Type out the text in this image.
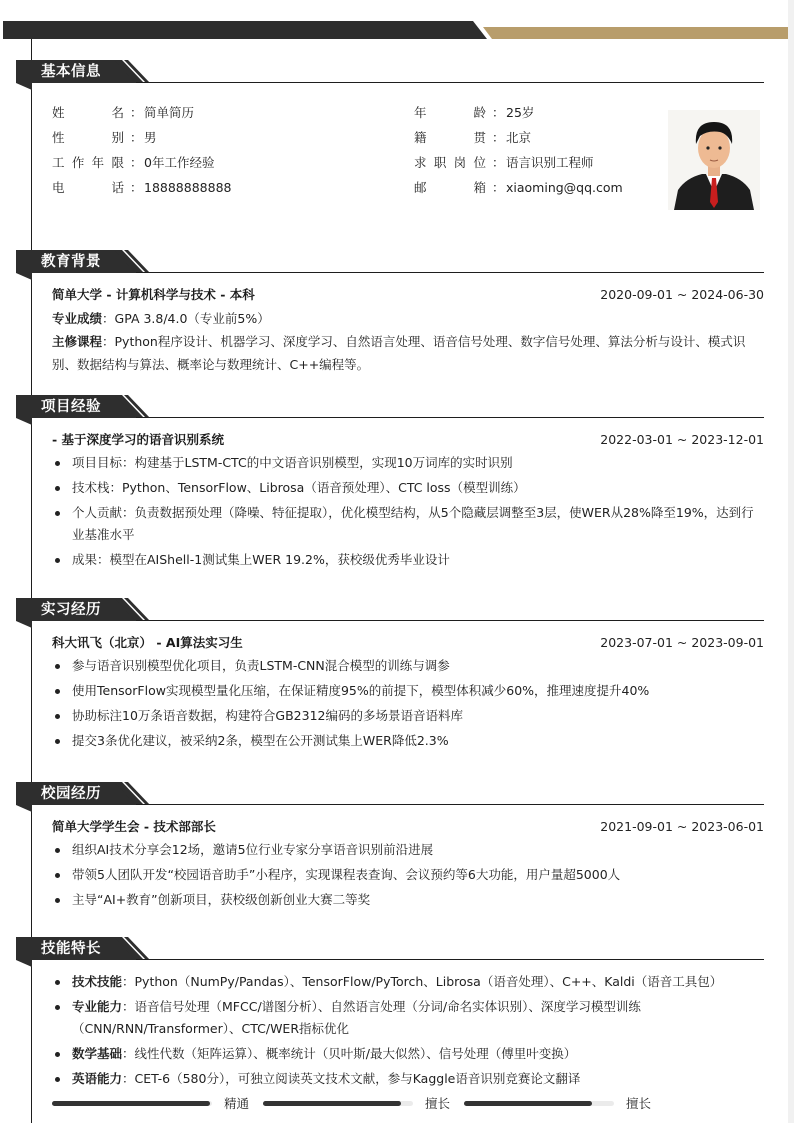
基本信息
姓	名 ： 简单简历
性	别 ： 男
工 作 年 限 ： 0年工作经验
电	话 ： 18888888888
年	龄 ： 25岁
籍	贯 ： 北京
求 职 岗 位 ： 语言识别工程师
邮	箱 ： xiaoming@qq.com
教育背景
简单大学 - 计算机科学与技术 - 本科	2020-09-01 ~ 2024-06-30
专业成绩：GPA 3.8/4.0（专业前5%）
主修课程：Python程序设计、机器学习、深度学习、自然语言处理、语音信号处理、数字信号处理、算法分析与设计、模式识别、数据结构与算法、概率论与数理统计、C++编程等。
项目经验
- 基于深度学习的语音识别系统	2022-03-01 ~ 2023-12-01
项目目标：构建基于LSTM-CTC的中文语音识别模型，实现10万词库的实时识别
技术栈：Python、TensorFlow、Librosa（语音预处理）、CTC loss（模型训练）
个人贡献：负责数据预处理（降噪、特征提取），优化模型结构，从5个隐藏层调整至3层，使WER从28%降至19%，达到行业基准水平
成果：模型在AIShell-1测试集上WER 19.2%，获校级优秀毕业设计
实习经历
科大讯飞（北京） - AI算法实习生	2023-07-01 ~ 2023-09-01
参与语音识别模型优化项目，负责LSTM-CNN混合模型的训练与调参
使用TensorFlow实现模型量化压缩，在保证精度95%的前提下，模型体积减少60%，推理速度提升40%
协助标注10万条语音数据，构建符合GB2312编码的多场景语音语料库
提交3条优化建议，被采纳2条，模型在公开测试集上WER降低2.3%
校园经历
简单大学学生会 - 技术部部长	2021-09-01 ~ 2023-06-01
组织AI技术分享会12场，邀请5位行业专家分享语音识别前沿进展
带领5人团队开发“校园语音助手”小程序，实现课程表查询、会议预约等6大功能，用户量超5000人
主导“AI+教育”创新项目，获校级创新创业大赛二等奖
技能特长
技术技能：Python（NumPy/Pandas）、TensorFlow/PyTorch、Librosa（语音处理）、C++、Kaldi（语音工具包）
专业能力：语音信号处理（MFCC/谱图分析）、自然语言处理（分词/命名实体识别）、深度学习模型训练（CNN/RNN/Transformer）、CTC/WER指标优化
数学基础：线性代数（矩阵运算）、概率统计（贝叶斯/最大似然）、信号处理（傅里叶变换）
英语能力：CET-6（580分），可独立阅读英文技术文献，参与Kaggle语音识别竞赛论文翻译
精通	擅长	擅长
